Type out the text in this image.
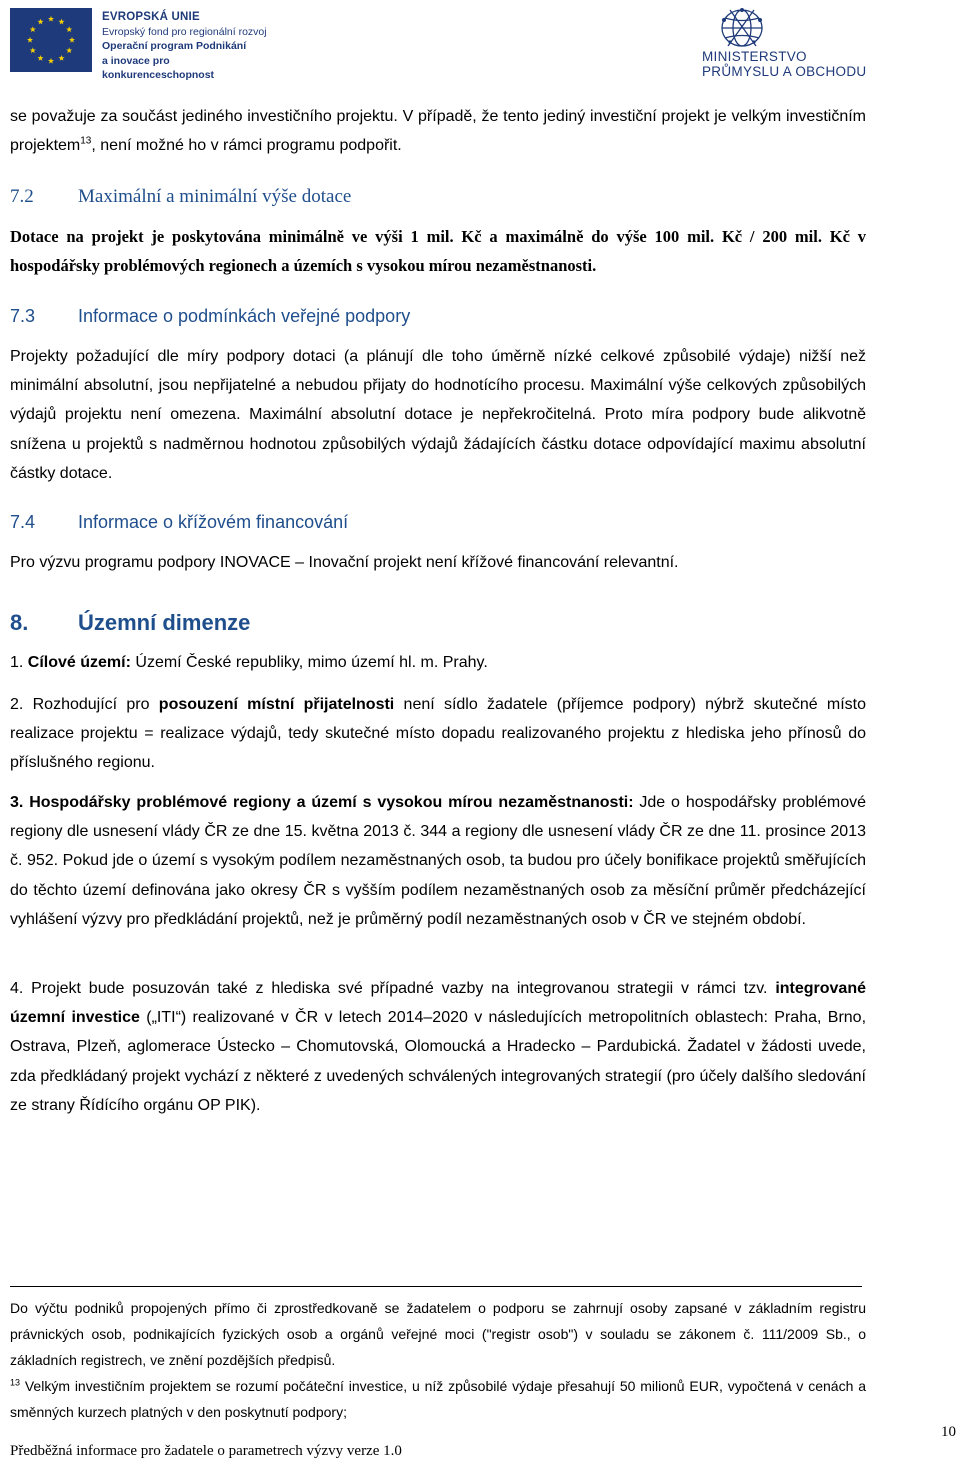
EVROPSKÁ UNIE
Evropský fond pro regionální rozvoj
Operační program Podnikání
a inovace pro konkurenceschopnost
MINISTERSTVO
PRŮMYSLU A OBCHODU
se považuje za součást jediného investičního projektu. V případě, že tento jediný investiční projekt je velkým investičním projektem$^{13}$, není možné ho v rámci programu podpořit.
7.2 Maximální a minimální výše dotace
Dotace na projekt je poskytována minimálně ve výši 1 mil. Kč a maximálně do výše 100 mil. Kč / 200 mil. Kč v hospodářsky problémových regionech a územích s vysokou mírou nezaměstnanosti.
7.3 Informace o podmínkách veřejné podpory
Projekty požadující dle míry podpory dotaci (a plánují dle toho úměrně nízké celkové způsobilé výdaje) nižší než minimální absolutní, jsou nepřijatelné a nebudou přijaty do hodnotícího procesu. Maximální výše celkových způsobilých výdajů projektu není omezena. Maximální absolutní dotace je nepřekročitelná. Proto míra podpory bude alikvotně snížena u projektů s nadměrnou hodnotou způsobilých výdajů žádajících částku dotace odpovídající maximu absolutní částky dotace.
7.4 Informace o křížovém financování
Pro výzvu programu podpory INOVACE – Inovační projekt není křížové financování relevantní.
8. Územní dimenze
1. Cílové území: Území České republiky, mimo území hl. m. Prahy.
2. Rozhodující pro posouzení místní přijatelnosti není sídlo žadatele (příjemce podpory) nýbrž skutečné místo realizace projektu = realizace výdajů, tedy skutečné místo dopadu realizovaného projektu z hlediska jeho přínosů do příslušného regionu.
3. Hospodářsky problémové regiony a území s vysokou mírou nezaměstnanosti: Jde o hospodářsky problémové regiony dle usnesení vlády ČR ze dne 15. května 2013 č. 344 a regiony dle usnesení vlády ČR ze dne 11. prosince 2013 č. 952. Pokud jde o území s vysokým podílem nezaměstnaných osob, ta budou pro účely bonifikace projektů směřujících do těchto území definována jako okresy ČR s vyšším podílem nezaměstnaných osob za měsíční průměr předcházející vyhlášení výzvy pro předkládání projektů, než je průměrný podíl nezaměstnaných osob v ČR ve stejném období.
4. Projekt bude posuzován také z hlediska své případné vazby na integrovanou strategii v rámci tzv. integrované územní investice („ITI“) realizované v ČR v letech 2014–2020 v následujících metropolitních oblastech: Praha, Brno, Ostrava, Plzeň, aglomerace Ústecko – Chomutovská, Olomoucká a Hradecko – Pardubická. Žadatel v žádosti uvede, zda předkládaný projekt vychází z některé z uvedených schválených integrovaných strategií (pro účely dalšího sledování ze strany Řídícího orgánu OP PIK).
Do výčtu podniků propojených přímo či zprostředkovaně se žadatelem o podporu se zahrnují osoby zapsané v základním registru právnických osob, podnikajících fyzických osob a orgánů veřejné moci ("registr osob") v souladu se zákonem č. 111/2009 Sb., o základních registrech, ve znění pozdějších předpisů.
$^{13}$ Velkým investičním projektem se rozumí počáteční investice, u níž způsobilé výdaje přesahují 50 milionů EUR, vypočtená v cenách a směnných kurzech platných v den poskytnutí podpory;
10
Předběžná informace pro žadatele o parametrech výzvy verze 1.0
